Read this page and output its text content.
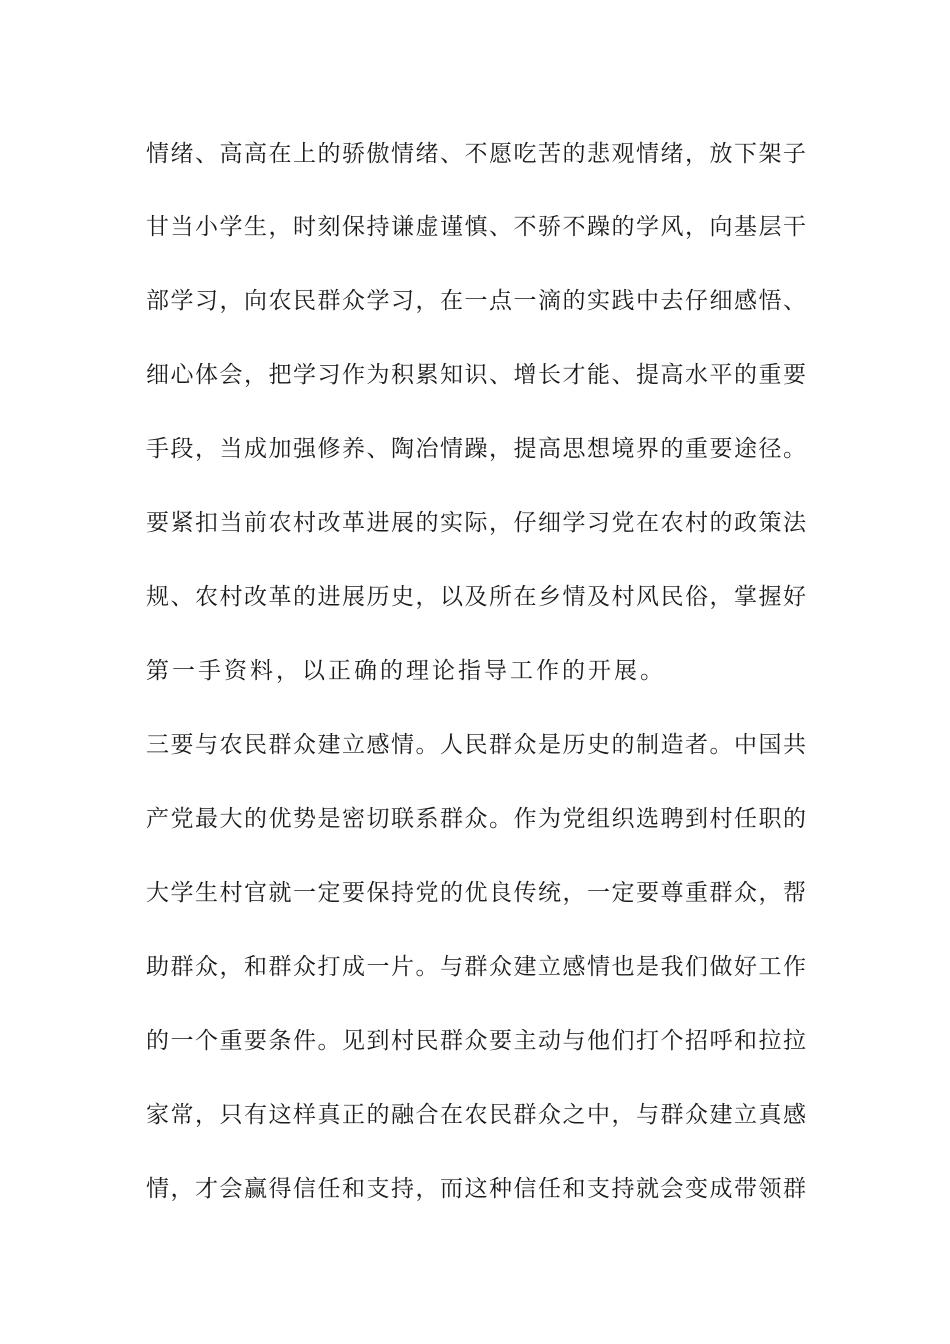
情绪、高高在上的骄傲情绪、不愿吃苦的悲观情绪，放下架子
甘当小学生，时刻保持谦虚谨慎、不骄不躁的学风，向基层干
部学习，向农民群众学习，在一点一滴的实践中去仔细感悟、
细心体会，把学习作为积累知识、增长才能、提高水平的重要
手段，当成加强修养、陶冶情躁，提高思想境界的重要途径。
要紧扣当前农村改革进展的实际，仔细学习党在农村的政策法
规、农村改革的进展历史，以及所在乡情及村风民俗，掌握好
第一手资料，以正确的理论指导工作的开展。
三要与农民群众建立感情。人民群众是历史的制造者。中国共
产党最大的优势是密切联系群众。作为党组织选聘到村任职的
大学生村官就一定要保持党的优良传统，一定要尊重群众，帮
助群众，和群众打成一片。与群众建立感情也是我们做好工作
的一个重要条件。见到村民群众要主动与他们打个招呼和拉拉
家常，只有这样真正的融合在农民群众之中，与群众建立真感
情，才会赢得信任和支持，而这种信任和支持就会变成带领群
